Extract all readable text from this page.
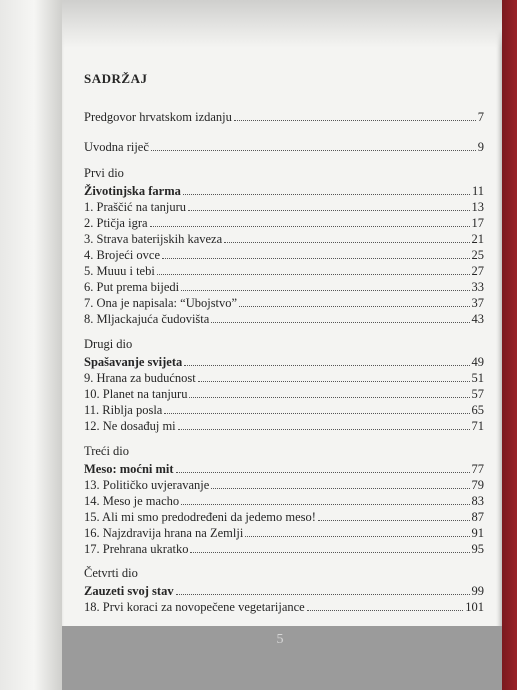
5
SADRŽAJ
Predgovor hrvatskom izdanju	7
Uvodna riječ	9
Prvi dio
Životinjska farma	11
1. Praščić na tanjuru	13
2. Ptičja igra	17
3. Strava baterijskih kaveza	21
4. Brojeći ovce	25
5. Muuu i tebi	27
6. Put prema bijedi	33
7. Ona je napisala: “Ubojstvo”	37
8. Mljackajuća čudovišta	43
Drugi dio
Spašavanje svijeta	49
9. Hrana za budućnost	51
10. Planet na tanjuru	57
11. Riblja posla	65
12. Ne dosađuj mi	71
Treći dio
Meso: moćni mit	77
13. Političko uvjeravanje	79
14. Meso je macho	83
15. Ali mi smo predodređeni da jedemo meso!	87
16. Najzdravija hrana na Zemlji	91
17. Prehrana ukratko	95
Četvrti dio
Zauzeti svoj stav	99
18. Prvi koraci za novopečene vegetarijance	101
